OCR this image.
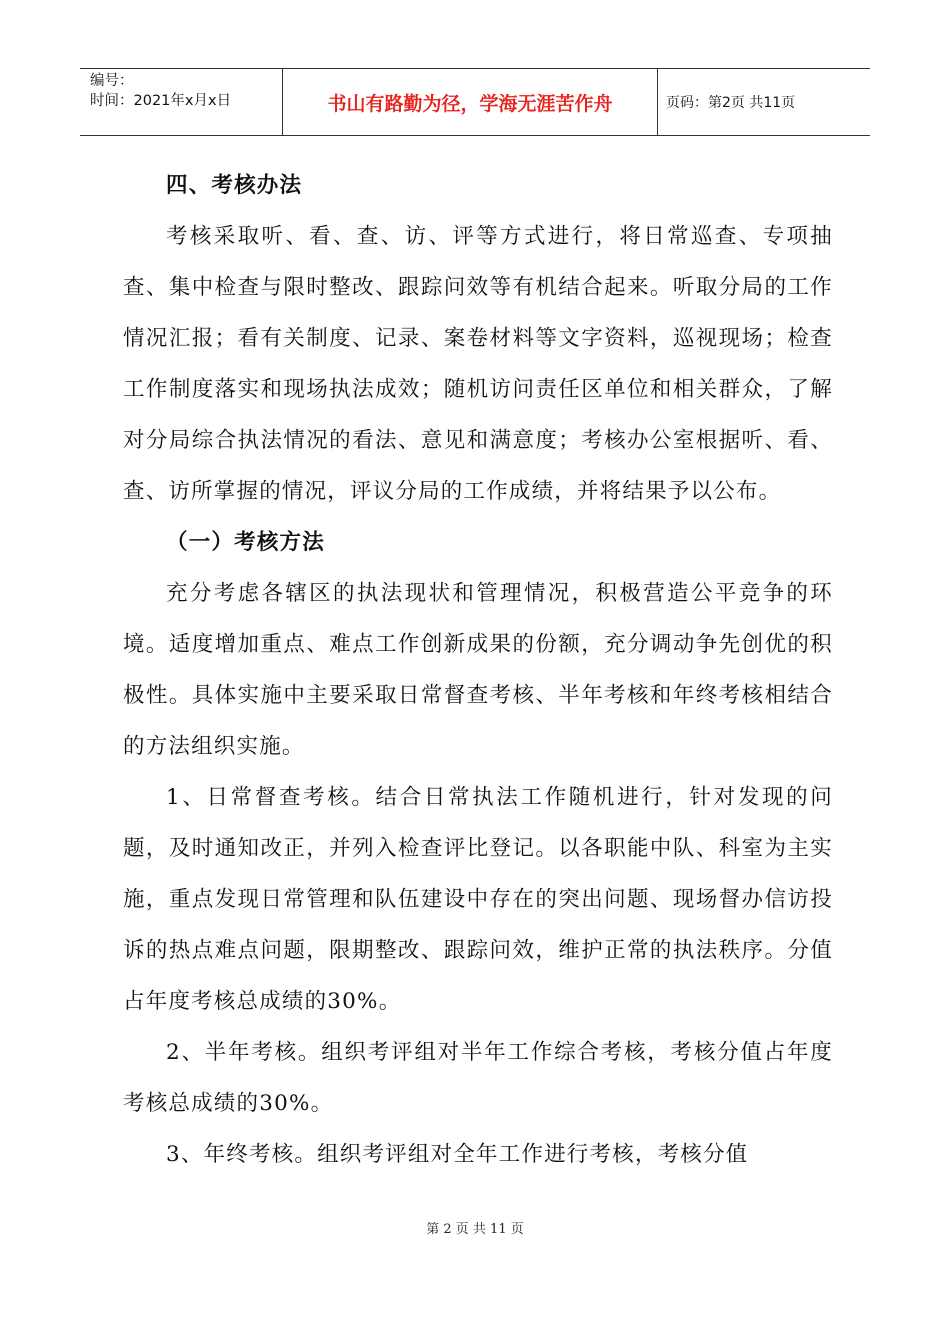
编号：
时间：2021年x月x日	书山有路勤为径，学海无涯苦作舟	页码：第2页 共11页

四、考核办法

考核采取听、看、查、访、评等方式进行，将日常巡查、专项抽查、集中检查与限时整改、跟踪问效等有机结合起来。听取分局的工作情况汇报；看有关制度、记录、案卷材料等文字资料，巡视现场；检查工作制度落实和现场执法成效；随机访问责任区单位和相关群众，了解对分局综合执法情况的看法、意见和满意度；考核办公室根据听、看、查、访所掌握的情况，评议分局的工作成绩，并将结果予以公布。

（一）考核方法

充分考虑各辖区的执法现状和管理情况，积极营造公平竞争的环境。适度增加重点、难点工作创新成果的份额，充分调动争先创优的积极性。具体实施中主要采取日常督查考核、半年考核和年终考核相结合的方法组织实施。

1、日常督查考核。结合日常执法工作随机进行，针对发现的问题，及时通知改正，并列入检查评比登记。以各职能中队、科室为主实施，重点发现日常管理和队伍建设中存在的突出问题、现场督办信访投诉的热点难点问题，限期整改、跟踪问效，维护正常的执法秩序。分值占年度考核总成绩的30%。

2、半年考核。组织考评组对半年工作综合考核，考核分值占年度考核总成绩的30%。

3、年终考核。组织考评组对全年工作进行考核，考核分值

第 2 页 共 11 页
